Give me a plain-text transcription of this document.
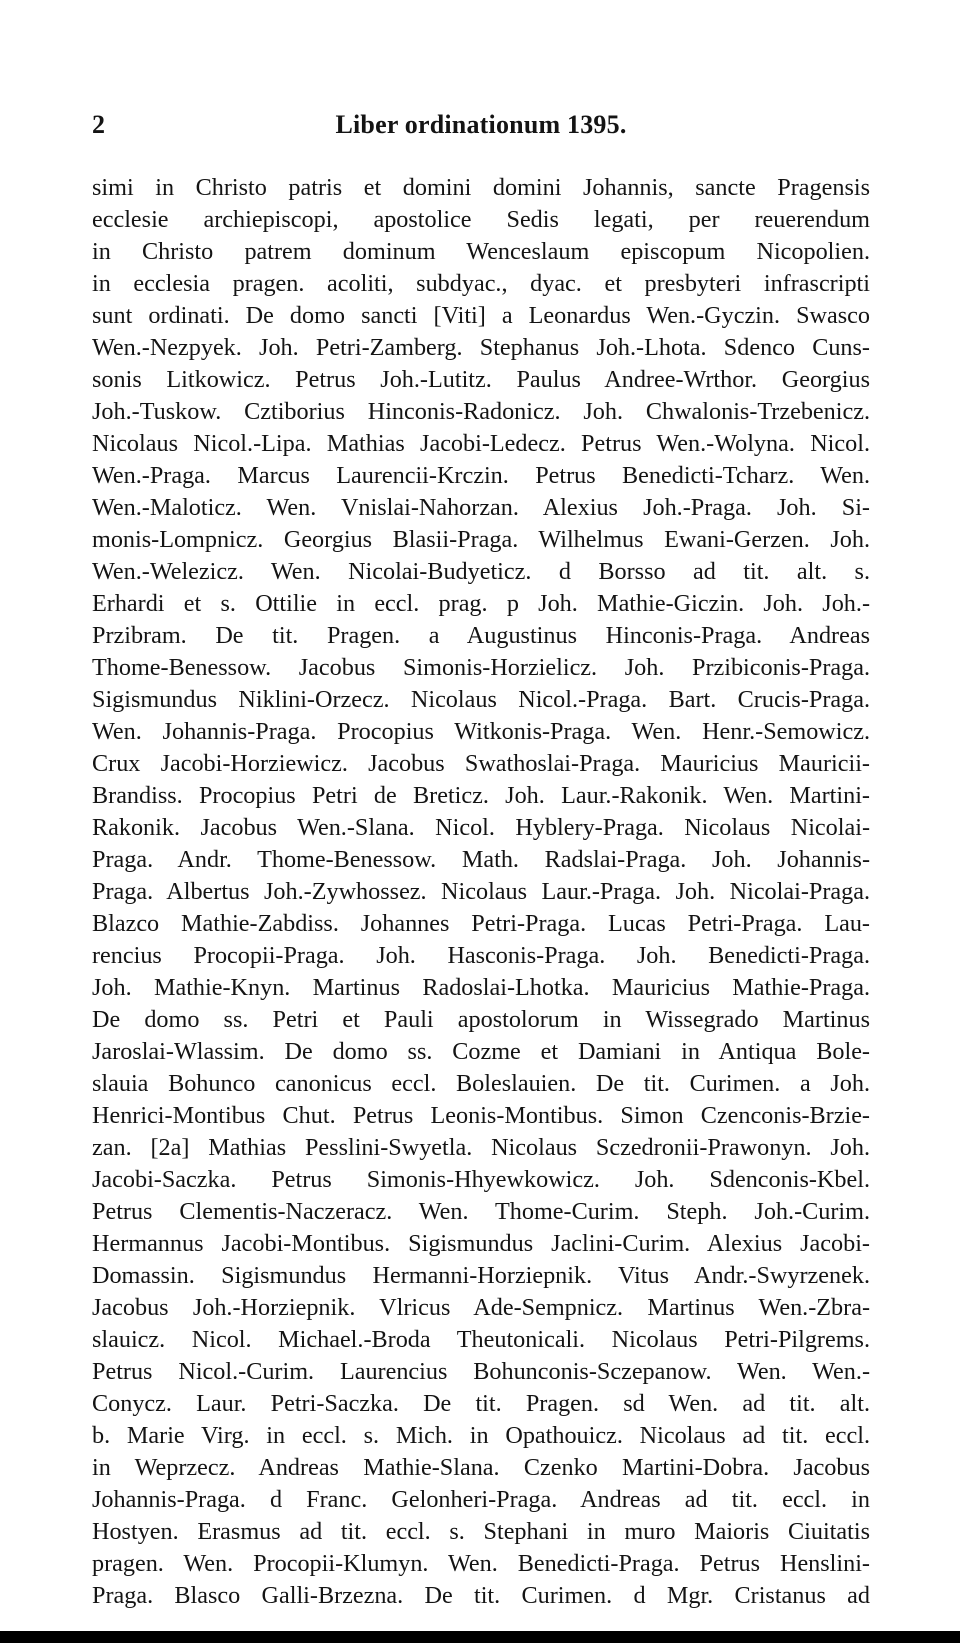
2	Liber ordinationum 1395.
simi in Christo patris et domini domini Johannis, sancte Pragensis
ecclesie archiepiscopi, apostolice Sedis legati, per reuerendum
in Christo patrem dominum Wenceslaum episcopum Nicopolien.
in ecclesia pragen. acoliti, subdyac., dyac. et presbyteri infrascripti
sunt ordinati. De domo sancti [Viti] a Leonardus Wen.-Gyczin. Swasco
Wen.-Nezpyek. Joh. Petri-Zamberg. Stephanus Joh.-Lhota. Sdenco Cuns-
sonis Litkowicz. Petrus Joh.-Lutitz. Paulus Andree-Wrthor. Georgius
Joh.-Tuskow. Cztiborius Hinconis-Radonicz. Joh. Chwalonis-Trzebenicz.
Nicolaus Nicol.-Lipa. Mathias Jacobi-Ledecz. Petrus Wen.-Wolyna. Nicol.
Wen.-Praga. Marcus Laurencii-Krczin. Petrus Benedicti-Tcharz. Wen.
Wen.-Maloticz. Wen. Vnislai-Nahorzan. Alexius Joh.-Praga. Joh. Si-
monis-Lompnicz. Georgius Blasii-Praga. Wilhelmus Ewani-Gerzen. Joh.
Wen.-Welezicz. Wen. Nicolai-Budyeticz. d Borsso ad tit. alt. s.
Erhardi et s. Ottilie in eccl. prag. p Joh. Mathie-Giczin. Joh. Joh.-
Przibram. De tit. Pragen. a Augustinus Hinconis-Praga. Andreas
Thome-Benessow. Jacobus Simonis-Horzielicz. Joh. Przibiconis-Praga.
Sigismundus Niklini-Orzecz. Nicolaus Nicol.-Praga. Bart. Crucis-Praga.
Wen. Johannis-Praga. Procopius Witkonis-Praga. Wen. Henr.-Semowicz.
Crux Jacobi-Horziewicz. Jacobus Swathoslai-Praga. Mauricius Mauricii-
Brandiss. Procopius Petri de Breticz. Joh. Laur.-Rakonik. Wen. Martini-
Rakonik. Jacobus Wen.-Slana. Nicol. Hyblery-Praga. Nicolaus Nicolai-
Praga. Andr. Thome-Benessow. Math. Radslai-Praga. Joh. Johannis-
Praga. Albertus Joh.-Zywhossez. Nicolaus Laur.-Praga. Joh. Nicolai-Praga.
Blazco Mathie-Zabdiss. Johannes Petri-Praga. Lucas Petri-Praga. Lau-
rencius Procopii-Praga. Joh. Hasconis-Praga. Joh. Benedicti-Praga.
Joh. Mathie-Knyn. Martinus Radoslai-Lhotka. Mauricius Mathie-Praga.
De domo ss. Petri et Pauli apostolorum in Wissegrado Martinus
Jaroslai-Wlassim. De domo ss. Cozme et Damiani in Antiqua Bole-
slauia Bohunco canonicus eccl. Boleslauien. De tit. Curimen. a Joh.
Henrici-Montibus Chut. Petrus Leonis-Montibus. Simon Czenconis-Brzie-
zan. [2a] Mathias Pesslini-Swyetla. Nicolaus Sczedronii-Prawonyn. Joh.
Jacobi-Saczka. Petrus Simonis-Hhyewkowicz. Joh. Sdenconis-Kbel.
Petrus Clementis-Naczeracz. Wen. Thome-Curim. Steph. Joh.-Curim.
Hermannus Jacobi-Montibus. Sigismundus Jaclini-Curim. Alexius Jacobi-
Domassin. Sigismundus Hermanni-Horziepnik. Vitus Andr.-Swyrzenek.
Jacobus Joh.-Horziepnik. Vlricus Ade-Sempnicz. Martinus Wen.-Zbra-
slauicz. Nicol. Michael.-Broda Theutonicali. Nicolaus Petri-Pilgrems.
Petrus Nicol.-Curim. Laurencius Bohunconis-Sczepanow. Wen. Wen.-
Conycz. Laur. Petri-Saczka. De tit. Pragen. sd Wen. ad tit. alt.
b. Marie Virg. in eccl. s. Mich. in Opathouicz. Nicolaus ad tit. eccl.
in Weprzecz. Andreas Mathie-Slana. Czenko Martini-Dobra. Jacobus
Johannis-Praga. d Franc. Gelonheri-Praga. Andreas ad tit. eccl. in
Hostyen. Erasmus ad tit. eccl. s. Stephani in muro Maioris Ciuitatis
pragen. Wen. Procopii-Klumyn. Wen. Benedicti-Praga. Petrus Henslini-
Praga. Blasco Galli-Brzezna. De tit. Curimen. d Mgr. Cristanus ad
